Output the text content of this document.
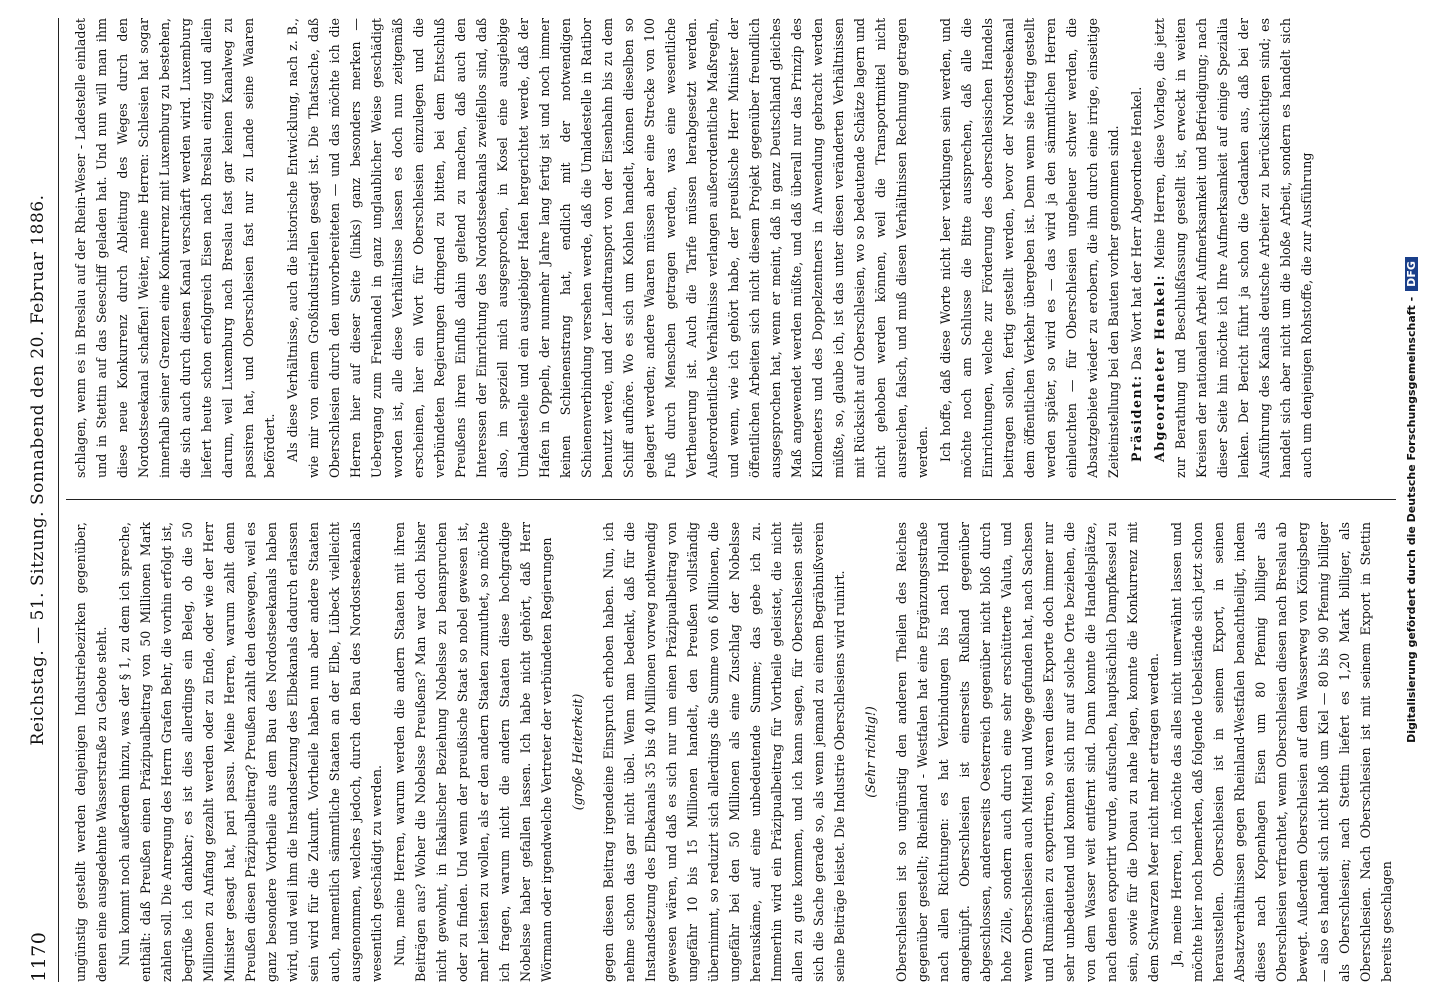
1170
Reichstag. — 51. Sitzung. Sonnabend den 20. Februar 1886.

ungünstig gestellt werden denjenigen Industriebezirken gegenüber, denen eine ausgedehnte Wasserstraße zu Gebote steht. Nun kommt noch außerdem hinzu, was der § 1, zu dem ich spreche, enthält: daß Preußen einen Präzipualbeitrag von 50 Millionen Mark zahlen soll. Die Anregung des Herrn Grafen Behr, die vorhin erfolgt ist, begrüße ich dankbar; es ist dies allerdings ein Beleg, ob die 50 Millionen zu Anfang gezahlt werden oder zu Ende, oder wie der Herr Minister gesagt hat, pari passu. Meine Herren, warum zahlt denn Preußen diesen Präzipualbeitrag? Preußen zahlt den deswegen, weil es ganz besondere Vortheile aus dem Bau des Nordostseekanals haben wird, und weil ihm die Instandsetzung des Elbekanals dadurch erlassen sein wird für die Zukunft. Vortheile haben nun aber andere Staaten auch, namentlich sämmtliche Staaten an der Elbe, Lübeck vielleicht ausgenommen, welches jedoch, durch den Bau des Nordostseekanals wesentlich geschädigt zu werden. Nun, meine Herren, warum werden die andern Staaten mit ihren Beiträgen aus? Woher die Nobelsse Preußens? Man war doch bisher nicht gewohnt, in fiskalischer Beziehung Nobelsse zu beanspruchen oder zu finden. Und wenn der preußische Staat so nobel gewesen ist, mehr leisten zu wollen, als er den andern Staaten zumuthet, so möchte ich fragen, warum nicht die andern Staaten diese hochgradige Nobelsse haber gefallen lassen. Ich habe nicht gehört, daß Herr Wörmann oder irgendwelche Vertreter der verbündeten Regierungen (große Heiterkeit) gegen diesen Beitrag irgendeine Einspruch erhoben haben. Nun, ich nehme schon das gar nicht übel. Wenn man bedenkt, daß für die Instandsetzung des Elbekanals 35 bis 40 Millionen vorweg nothwendig gewesen wären, und daß es sich nur um einen Präzipualbeitrag von ungefähr 10 bis 15 Millionen handelt, den Preußen vollständig übernimmt, so reduzirt sich allerdings die Summe von 6 Millionen, die ungefähr bei den 50 Millionen als eine Zuschlag der Nobelsse herauskäme, auf eine unbedeutende Summe; das gebe ich zu. Immerhin wird ein Präzipualbeitrag für Vortheile geleistet, die nicht allen zu gute kommen, und ich kann sagen, für Oberschlesien stellt sich die Sache gerade so, als wenn jemand zu einem Begräbnißverein seine Beiträge leistet. Die Industrie Oberschlesiens wird ruinirt. (Sehr richtig!) Oberschlesien ist so ungünstig den anderen Theilen des Reiches gegenüber gestellt; Rheinland - Westfalen hat eine Ergänzungsstraße nach allen Richtungen: es hat Verbindungen bis nach Holland angeknüpft. Oberschlesien ist einerseits Rußland gegenüber abgeschlossen, andererseits Oesterreich gegenüber nicht bloß durch hohe Zölle, sondern auch durch eine sehr erschütterte Valuta, und wenn Oberschlesien auch Mittel und Wege gefunden hat, nach Sachsen und Rumänien zu exportiren, so waren diese Exporte doch immer nur sehr unbedeutend und konnten sich nur auf solche Orte beziehen, die von dem Wasser weit entfernt sind. Dann konnte die Handelsplätze, nach denen exportirt wurde, aufsuchen, hauptsächlich Dampfkessel zu sein, sowie für die Donau zu nahe lagen, konnte die Konkurrenz mit dem Schwarzen Meer nicht mehr ertragen werden. Ja, meine Herren, ich möchte das alles nicht unerwähnt lassen und möchte hier noch bemerken, daß folgende Uebelstände sich jetzt schon herausstellen. Oberschlesien ist in seinem Export, in seinen Absatzverhältnissen gegen Rheinland-Westfalen benachtheiligt, indem dieses nach Kopenhagen Eisen um 80 Pfennig billiger als Oberschlesien verfrachtet, wenn Oberschlesien diesen nach Breslau ab bewegt. Außerdem Oberschlesien auf dem Wasserweg von Königsberg — also es handelt sich nicht bloß um Kiel — 80 bis 90 Pfennig billiger als Oberschlesien; nach Stettin liefert es 1,20 Mark billiger, als Oberschlesien. Nach Oberschlesien ist mit seinem Export in Stettin bereits geschlagen

schlagen, wenn es in Breslau auf der Rhein-Weser - Ladestelle einladet und in Stettin auf das Seeschiff geladen hat. Und nun will man ihm diese neue Konkurrenz durch Ableitung des Weges durch den Nordostseekanal schaffen! Weiter, meine Herren: Schlesien hat sogar innerhalb seiner Grenzen eine Konkurrenz mit Luxemburg zu bestehen, die sich auch durch diesen Kanal verschärft werden wird. Luxemburg liefert heute schon erfolgreich Eisen nach Breslau einzig und allein darum, weil Luxemburg nach Breslau fast gar keinen Kanalweg zu passiren hat, und Oberschlesien fast nur zu Lande seine Waaren befördert. Als diese Verhältnisse, auch die historische Entwicklung, nach z. B., wie mir von einem Großindustriellen gesagt ist. Die Thatsache, daß Oberschlesien durch den unvorbereiteten — und das möchte ich die Herren hier auf dieser Seite (links) ganz besonders merken — Uebergang zum Freihandel in ganz unglaublicher Weise geschädigt worden ist, alle diese Verhältnisse lassen es doch nun zeitgemäß erscheinen, hier ein Wort für Oberschlesien einzulegen und die verbündeten Regierungen dringend zu bitten, bei dem Entschluß Preußens ihren Einfluß dahin geltend zu machen, daß auch den Interessen der Einrichtung des Nordostseekanals zweifellos sind, daß also, im speziell mich ausgesprochen, in Kosel eine ausgiebige Umladestelle und ein ausgiebiger Hafen hergerichtet werde, daß der Hafen in Oppeln, der nunmehr Jahre lang fertig ist und noch immer keinen Schienenstrang hat, endlich mit der notwendigen Schienenverbindung versehen werde, daß die Umladestelle in Ratibor benutzt werde, und der Landtransport von der Eisenbahn bis zu dem Schiff aufhöre. Wo es sich um Kohlen handelt, können dieselben so gelagert werden; andere Waaren müssen aber eine Strecke von 100 Fuß durch Menschen getragen werden, was eine wesentliche Vertheuerung ist. Auch die Tarife müssen herabgesetzt werden. Außerordentliche Verhältnisse verlangen außerordentliche Maßregeln, und wenn, wie ich gehört habe, der preußische Herr Minister der öffentlichen Arbeiten sich nicht diesem Projekt gegenüber freundlich ausgesprochen hat, wenn er meint, daß in ganz Deutschland gleiches Maß angewendet werden müßte, und daß überall nur das Prinzip des Kilometers und des Doppelzentners in Anwendung gebracht werden müßte, so, glaube ich, ist das unter diesen veränderten Verhältnissen mit Rücksicht auf Oberschlesien, wo so bedeutende Schätze lagern und nicht gehoben werden können, weil die Transportmittel nicht ausreichen, falsch, und muß diesen Verhältnissen Rechnung getragen werden. Ich hoffe, daß diese Worte nicht leer verklungen sein werden, und möchte noch am Schlusse die Bitte aussprechen, daß alle die Einrichtungen, welche zur Förderung des oberschlesischen Handels beitragen sollen, fertig gestellt werden, bevor der Nordostseekanal dem öffentlichen Verkehr übergeben ist. Denn wenn sie fertig gestellt werden später, so wird es — das wird ja den sämmtlichen Herren einleuchten — für Oberschlesien ungeheuer schwer werden, die Absatzgebiete wieder zu erobern, die ihm durch eine irrige, einseitige Zeiteinstellung bei den Bauten vorher genommen sind. Präsident: Das Wort hat der Herr Abgeordnete Henkel. Abgeordneter Henkel: Meine Herren, diese Vorlage, die jetzt zur Berathung und Beschlußfassung gestellt ist, erweckt in weiten Kreisen der nationalen Arbeit Aufmerksamkeit und Befriedigung; nach dieser Seite hin möchte ich Ihre Aufmerksamkeit auf einige Spezialia lenken. Der Bericht führt ja schon die Gedanken aus, daß bei der Ausführung des Kanals deutsche Arbeiter zu berücksichtigen sind; es handelt sich aber nicht um die bloße Arbeit, sondern es handelt sich auch um denjenigen Rohstoffe, die zur Ausführung	Digitalisierung gefördert durch die Deutsche Forschungsgemeinschaft -DFG
